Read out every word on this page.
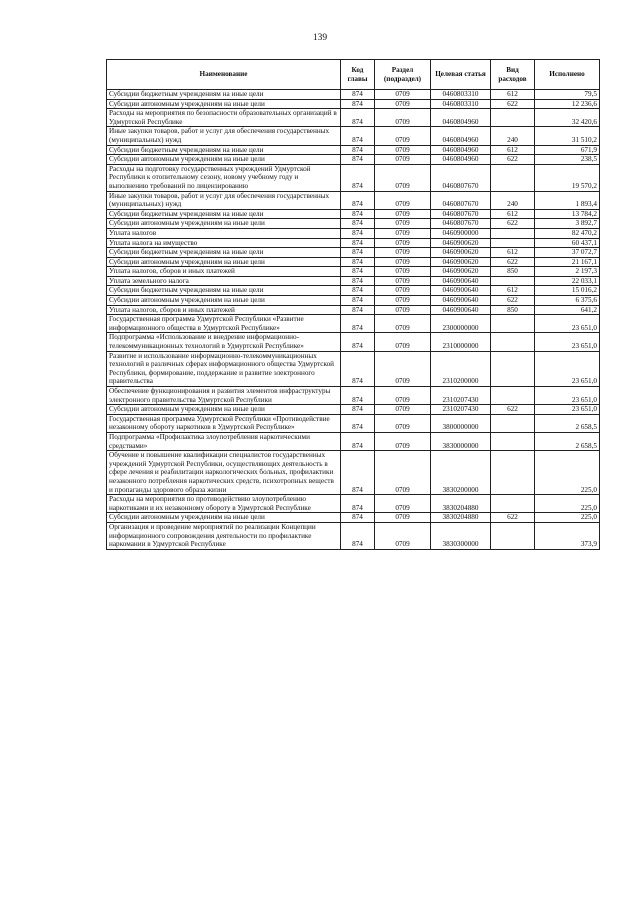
139
Наименование	Код главы	Раздел (подраздел)	Целевая статья	Вид расходов	Исполнено
Субсидии бюджетным учреждениям на иные цели	874	0709	0460803310	612	79,5
Субсидии автономным учреждениям на иные цели	874	0709	0460803310	622	12 236,6
Расходы на мероприятия по безопасности образовательных организаций в Удмуртской Республике	874	0709	0460804960		32 420,6
Иные закупки товаров, работ и услуг для обеспечения государственных (муниципальных) нужд	874	0709	0460804960	240	31 510,2
Субсидии бюджетным учреждениям на иные цели	874	0709	0460804960	612	671,9
Субсидии автономным учреждениям на иные цели	874	0709	0460804960	622	238,5
Расходы на подготовку государственных учреждений Удмуртской Республики к отопительному сезону, новому учебному году и выполнению требований по лицензированию	874	0709	0460807670		19 570,2
Иные закупки товаров, работ и услуг для обеспечения государственных (муниципальных) нужд	874	0709	0460807670	240	1 893,4
Субсидии бюджетным учреждениям на иные цели	874	0709	0460807670	612	13 784,2
Субсидии автономным учреждениям на иные цели	874	0709	0460807670	622	3 892,7
Уплата налогов	874	0709	0460900000		82 470,2
Уплата налога на имущество	874	0709	0460900620		60 437,1
Субсидии бюджетным учреждениям на иные цели	874	0709	0460900620	612	37 072,7
Субсидии автономным учреждениям на иные цели	874	0709	0460900620	622	21 167,1
Уплата налогов, сборов и иных платежей	874	0709	0460900620	850	2 197,3
Уплата земельного налога	874	0709	0460900640		22 033,1
Субсидии бюджетным учреждениям на иные цели	874	0709	0460900640	612	15 016,2
Субсидии автономным учреждениям на иные цели	874	0709	0460900640	622	6 375,6
Уплата налогов, сборов и иных платежей	874	0709	0460900640	850	641,2
Государственная программа Удмуртской Республики «Развитие информационного общества в Удмуртской Республике»	874	0709	2300000000		23 651,0
Подпрограмма «Использование и внедрение информационно-телекоммуникационных технологий в Удмуртской Республике»	874	0709	2310000000		23 651,0
Развитие и использование информационно-телекоммуникационных технологий в различных сферах информационного общества Удмуртской Республики, формирование, поддержание и развитие электронного правительства	874	0709	2310200000		23 651,0
Обеспечение функционирования и развития элементов инфраструктуры электронного правительства Удмуртской Республики	874	0709	2310207430		23 651,0
Субсидии автономным учреждениям на иные цели	874	0709	2310207430	622	23 651,0
Государственная программа Удмуртской Республики «Противодействие незаконному обороту наркотиков в Удмуртской Республике»	874	0709	3800000000		2 658,5
Подпрограмма «Профилактика злоупотребления наркотическими средствами»	874	0709	3830000000		2 658,5
Обучение и повышение квалификации специалистов государственных учреждений Удмуртской Республики, осуществляющих деятельность в сфере лечения и реабилитации наркологических больных, профилактики незаконного потребления наркотических средств, психотропных веществ и пропаганды здорового образа жизни	874	0709	3830200000		225,0
Расходы на мероприятия по противодействию злоупотреблению наркотиками и их незаконному обороту в Удмуртской Республике	874	0709	3830204880		225,0
Субсидии автономным учреждениям на иные цели	874	0709	3830204880	622	225,0
Организация и проведение мероприятий по реализации Концепции информационного сопровождения деятельности по профилактике наркомании в Удмуртской Республике	874	0709	3830300000		373,9
